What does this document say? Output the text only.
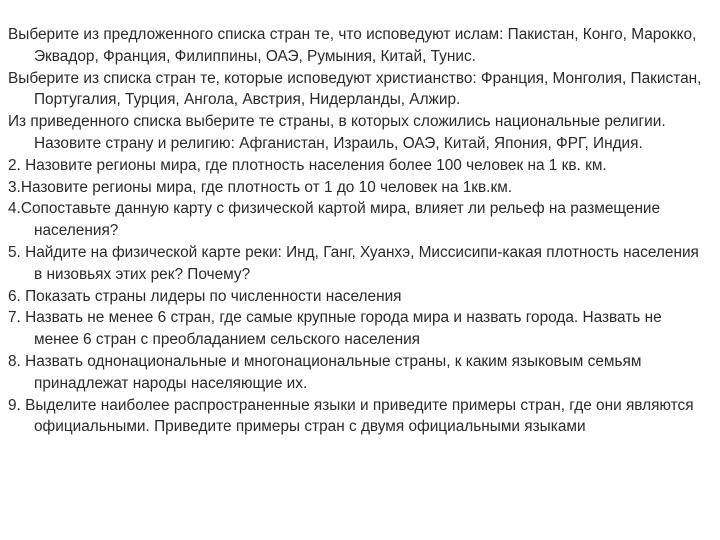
Выберите из предложенного списка стран те, что исповедуют ислам: Пакистан, Конго, Марокко, Эквадор, Франция, Филиппины, ОАЭ, Румыния, Китай, Тунис.

Выберите из списка стран те, которые исповедуют христианство: Франция, Монголия, Пакистан, Португалия, Турция, Ангола, Австрия, Нидерланды, Алжир.

Из приведенного списка выберите те страны, в которых сложились национальные религии. Назовите страну и религию: Афганистан, Израиль, ОАЭ, Китай, Япония, ФРГ, Индия.

2. Назовите регионы мира, где плотность населения более 100 человек на 1 кв. км.

3.Назовите регионы мира, где плотность от 1 до 10 человек на 1кв.км.

4.Сопоставьте данную карту с физической картой мира, влияет ли рельеф на размещение населения?

5. Найдите на физической карте реки: Инд, Ганг, Хуанхэ, Миссисипи-какая плотность населения в низовьях этих рек? Почему?

6. Показать страны лидеры по численности населения

7. Назвать не менее 6 стран, где самые крупные города мира и назвать города. Назвать не менее 6 стран с преобладанием сельского населения

8. Назвать однонациональные и многонациональные страны, к каким языковым семьям принадлежат народы населяющие их.

9. Выделите наиболее распространенные языки и приведите примеры стран, где они являются официальными. Приведите примеры стран с двумя официальными языками
